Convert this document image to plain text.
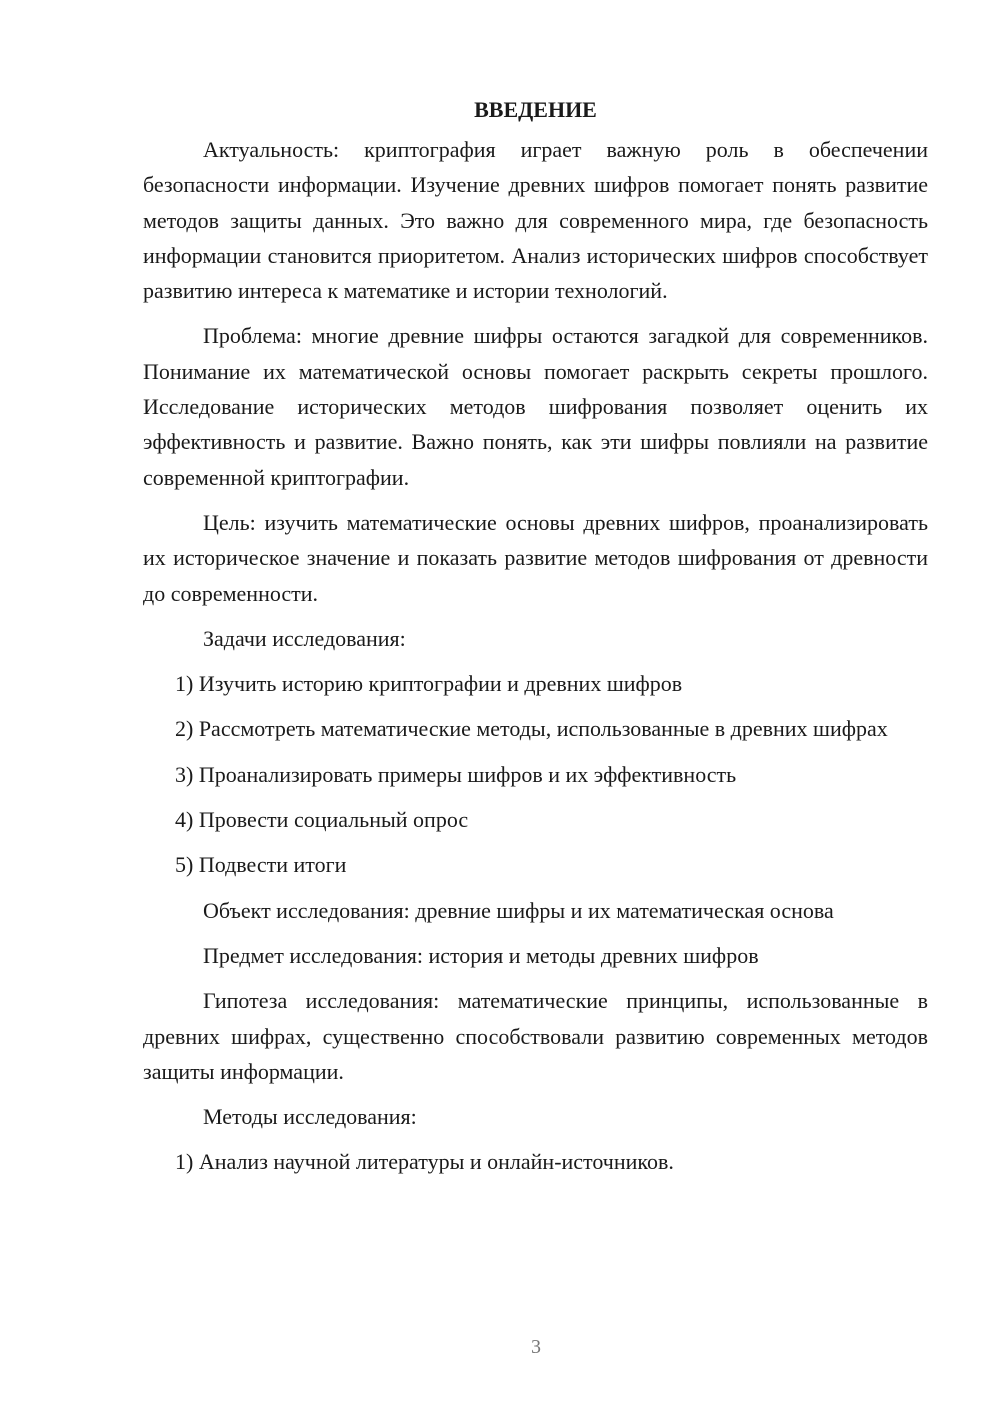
ВВЕДЕНИЕ

Актуальность: криптография играет важную роль в обеспечении безопасности информации. Изучение древних шифров помогает понять развитие методов защиты данных. Это важно для современного мира, где безопасность информации становится приоритетом. Анализ исторических шифров способствует развитию интереса к математике и истории технологий.

Проблема: многие древние шифры остаются загадкой для современников. Понимание их математической основы помогает раскрыть секреты прошлого. Исследование исторических методов шифрования позволяет оценить их эффективность и развитие. Важно понять, как эти шифры повлияли на развитие современной криптографии.

Цель: изучить математические основы древних шифров, проанализировать их историческое значение и показать развитие методов шифрования от древности до современности.

Задачи исследования:

1) Изучить историю криптографии и древних шифров

2) Рассмотреть математические методы, использованные в древних шифрах

3) Проанализировать примеры шифров и их эффективность

4) Провести социальный опрос

5) Подвести итоги

Объект исследования: древние шифры и их математическая основа

Предмет исследования: история и методы древних шифров

Гипотеза исследования: математические принципы, использованные в древних шифрах, существенно способствовали развитию современных методов защиты информации.

Методы исследования:

1) Анализ научной литературы и онлайн-источников.

3
